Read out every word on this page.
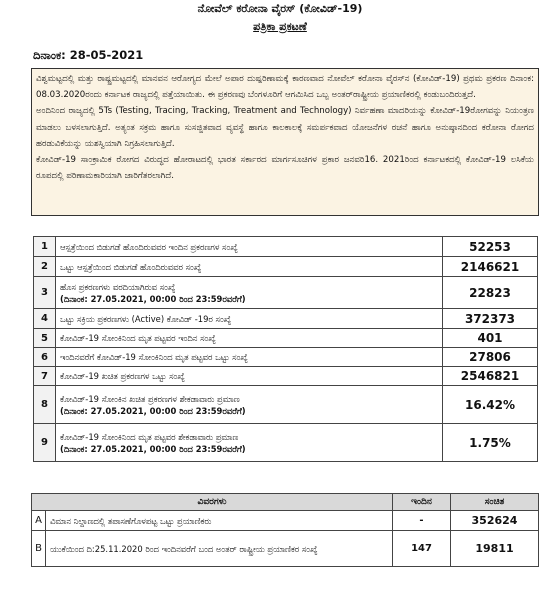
ನೋವೆಲ್ ಕರೋನಾ ವೈರಸ್ (ಕೋವಿಡ್-19)
ಪತ್ರಿಕಾ ಪ್ರಕಟಣೆ
ದಿನಾಂಕ: 28-05-2021

ವಿಶ್ವಮಟ್ಟದಲ್ಲಿ ಮತ್ತು ರಾಷ್ಟ್ರಮಟ್ಟದಲ್ಲಿ ಮಾನವನ ಆರೋಗ್ಯದ ಮೇಲೆ ಅಪಾರ ದುಷ್ಪರಿಣಾಮಕ್ಕೆ ಕಾರಣವಾದ ನೋವೆಲ್ ಕರೋನಾ ವೈರಸ್‌ನ (ಕೋವಿಡ್-19) ಪ್ರಥಮ ಪ್ರಕರಣ ದಿನಾಂಕ: 08.03.2020ರಂದು ಕರ್ನಾಟಕ ರಾಜ್ಯದಲ್ಲಿ ಪತ್ತೆಯಾಯಿತು. ಈ ಪ್ರಕರಣವು ಬೆಂಗಳೂರಿಗೆ ಆಗಮಿಸಿದ ಒಬ್ಬ ಅಂತರ್‌ರಾಷ್ಟ್ರೀಯ ಪ್ರಯಾಣಿಕರಲ್ಲಿ ಕಂಡುಬಂದಿರುತ್ತದೆ.

ಅಂದಿನಿಂದ ರಾಜ್ಯದಲ್ಲಿ 5Ts (Testing, Tracing, Tracking, Treatment and Technology) ನಿರ್ವಹಣಾ ಮಾದರಿಯನ್ನು ಕೋವಿಡ್-19ರೋಗವನ್ನು ನಿಯಂತ್ರಣ ಮಾಡಲು ಬಳಸಲಾಗುತ್ತಿದೆ. ಅತ್ಯಂತ ಸಕ್ರಮ ಹಾಗೂ ಸುಸಜ್ಜಿತವಾದ ವ್ಯವಸ್ಥೆ ಹಾಗೂ ಕಾಲಕಾಲಕ್ಕೆ ಸಮರ್ಪಕವಾದ ಯೋಜನೆಗಳ ರಚನೆ ಹಾಗೂ ಅನುಷ್ಠಾನದಿಂದ ಕರೋನಾ ರೋಗದ ಹರಡುವಿಕೆಯನ್ನು ಯಶಸ್ವಿಯಾಗಿ ನಿಗ್ರಹಿಸಲಾಗುತ್ತಿದೆ.

ಕೋವಿಡ್-19 ಸಾಂಕ್ರಾಮಿಕ ರೋಗದ ವಿರುದ್ಧದ ಹೋರಾಟದಲ್ಲಿ ಭಾರತ ಸರ್ಕಾರದ ಮಾರ್ಗಸೂಚಿಗಳ ಪ್ರಕಾರ ಜನವರಿ16. 2021ರಿಂದ ಕರ್ನಾಟಕದಲ್ಲಿ ಕೋವಿಡ್-19 ಲಸಿಕೆಯ ರೂಪದಲ್ಲಿ ಪರಿಣಾಮಕಾರಿಯಾಗಿ ಜಾರಿಗೆತರಲಾಗಿದೆ.

1	ಆಸ್ಪತ್ರೆಯಿಂದ ಬಿಡುಗಡೆ ಹೊಂದಿರುವವರ ಇಂದಿನ ಪ್ರಕರಣಗಳ ಸಂಖ್ಯೆ	52253
2	ಒಟ್ಟು ಆಸ್ಪತ್ರೆಯಿಂದ ಬಿಡುಗಡೆ ಹೊಂದಿರುವವರ ಸಂಖ್ಯೆ	2146621
3	ಹೊಸ ಪ್ರಕರಣಗಳು ವರದಿಯಾಗಿರುವ ಸಂಖ್ಯೆ
(ದಿನಾಂಕ: 27.05.2021, 00:00 ರಿಂದ 23:59ರವರೆಗೆ)	22823
4	ಒಟ್ಟು ಸಕ್ರಿಯ ಪ್ರಕರಣಗಳು (Active) ಕೋವಿಡ್ -19ರ ಸಂಖ್ಯೆ	372373
5	ಕೋವಿಡ್-19 ಸೋಂಕಿನಿಂದ ಮೃತ ಪಟ್ಟವರ ಇಂದಿನ ಸಂಖ್ಯೆ	401
6	ಇಂದಿನವರೆಗೆ ಕೋವಿಡ್-19 ಸೋಂಕಿನಿಂದ ಮೃತ ಪಟ್ಟವರ ಒಟ್ಟು ಸಂಖ್ಯೆ	27806
7	ಕೋವಿಡ್-19 ಖಚಿತ ಪ್ರಕರಣಗಳ ಒಟ್ಟು ಸಂಖ್ಯೆ	2546821
8	ಕೋವಿಡ್-19 ಸೋಂಕಿನ ಖಚಿತ ಪ್ರಕರಣಗಳ ಶೇಕಡಾವಾರು ಪ್ರಮಾಣ
(ದಿನಾಂಕ: 27.05.2021, 00:00 ರಿಂದ 23:59ರವರೆಗೆ)	16.42%
9	ಕೋವಿಡ್-19 ಸೋಂಕಿನಿಂದ ಮೃತ ಪಟ್ಟವರ ಶೇಕಡಾವಾರು ಪ್ರಮಾಣ
(ದಿನಾಂಕ: 27.05.2021, 00:00 ರಿಂದ 23:59ರವರೆಗೆ)	1.75%
ವಿವರಗಳು		ಇಂದಿನ	ಸಂಚಿತ
A	ವಿಮಾನ ನಿಲ್ದಾಣದಲ್ಲಿ ತಪಾಸಣೆಗೊಳಪಟ್ಟ ಒಟ್ಟು ಪ್ರಯಾಣಿಕರು	-	352624
B	ಯುಕೆಯಿಂದ ದಿ:25.11.2020 ರಿಂದ ಇಂದಿನವರೆಗೆ ಬಂದ ಅಂತರ್ ರಾಷ್ಟ್ರೀಯ ಪ್ರಯಾಣಿಕರ ಸಂಖ್ಯೆ	147	19811
